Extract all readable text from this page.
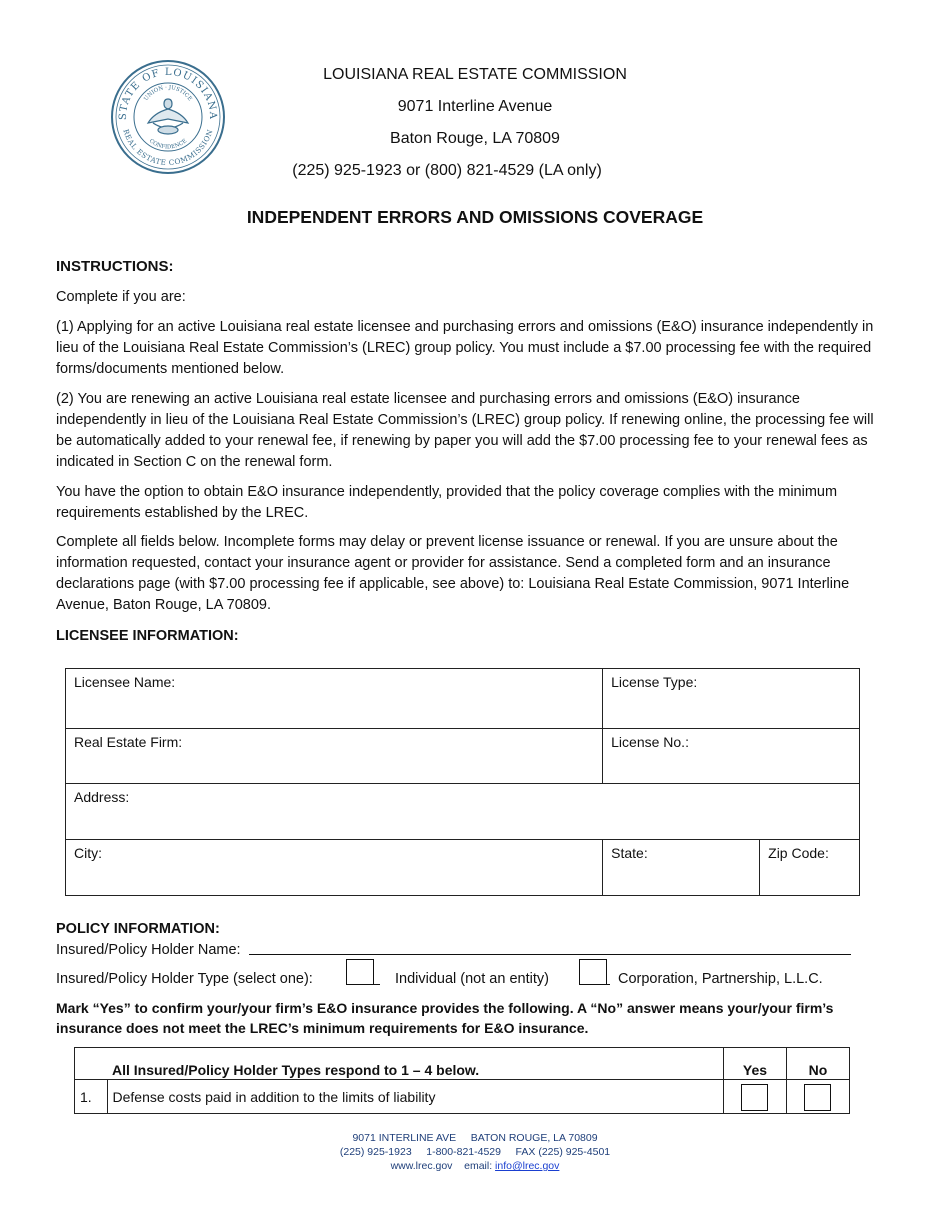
STATE OF LOUISIANA
REAL ESTATE COMMISSION
UNION · JUSTICE
CONFIDENCE
LOUISIANA REAL ESTATE COMMISSION
9071 Interline Avenue
Baton Rouge, LA 70809
(225) 925-1923 or (800) 821-4529 (LA only)
INDEPENDENT ERRORS AND OMISSIONS COVERAGE
INSTRUCTIONS:
Complete if you are:
(1) Applying for an active Louisiana real estate licensee and purchasing errors and omissions (E&O) insurance independently in lieu of the Louisiana Real Estate Commission’s (LREC) group policy. You must include a $7.00 processing fee with the required forms/documents mentioned below.
(2) You are renewing an active Louisiana real estate licensee and purchasing errors and omissions (E&O) insurance independently in lieu of the Louisiana Real Estate Commission’s (LREC) group policy. If renewing online, the processing fee will be automatically added to your renewal fee, if renewing by paper you will add the $7.00 processing fee to your renewal fees as indicated in Section C on the renewal form.
You have the option to obtain E&O insurance independently, provided that the policy coverage complies with the minimum requirements established by the LREC.
Complete all fields below. Incomplete forms may delay or prevent license issuance or renewal. If you are unsure about the information requested, contact your insurance agent or provider for assistance. Send a completed form and an insurance declarations page (with $7.00 processing fee if applicable, see above) to: Louisiana Real Estate Commission, 9071 Interline Avenue, Baton Rouge, LA 70809.
LICENSEE INFORMATION:
Licensee Name:	License Type:	
Real Estate Firm:	License No.:	
Address:		
City:	State:	Zip Code:
POLICY INFORMATION:
Insured/Policy Holder Name:
Insured/Policy Holder Type (select one):	Individual (not an entity)	Corporation, Partnership, L.L.C.
Mark “Yes” to confirm your/your firm’s E&O insurance provides the following. A “No” answer means your/your firm’s insurance does not meet the LREC’s minimum requirements for E&O insurance.
	All Insured/Policy Holder Types respond to 1 – 4 below.	Yes	No
1.	Defense costs paid in addition to the limits of liability	

9071 INTERLINE AVE     BATON ROUGE, LA 70809
(225) 925-1923     1-800-821-4529     FAX (225) 925-4501
www.lrec.gov email: info@lrec.gov
